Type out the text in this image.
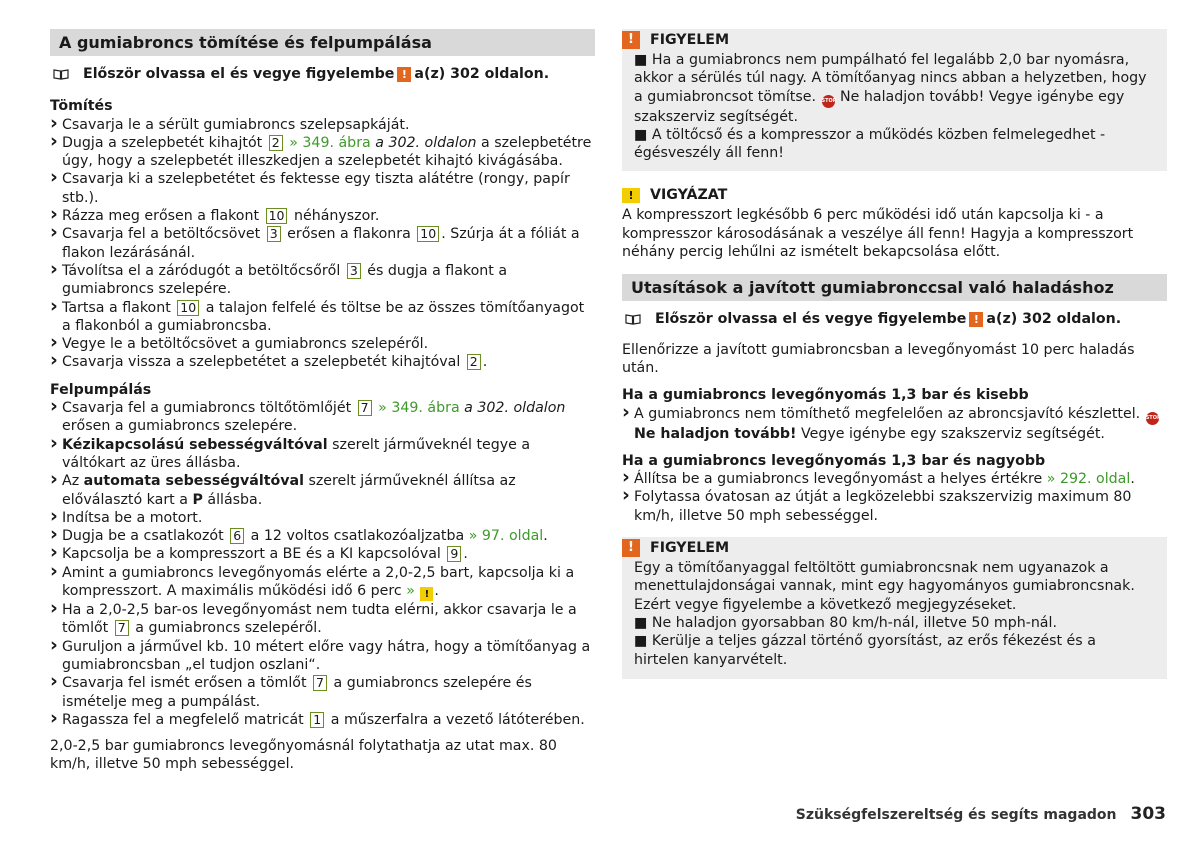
A gumiabroncs tömítése és felpumpálása
Először olvassa el és vegye figyelembe ! a(z) 302 oldalon.
Tömítés
› Csavarja le a sérült gumiabroncs szelepsapkáját.
› Dugja a szelepbetét kihajtót 2 » 349. ábra a 302. oldalon a szelepbetétre úgy, hogy a szelepbetét illeszkedjen a szelepbetét kihajtó kivágásába.
› Csavarja ki a szelepbetétet és fektesse egy tiszta alátétre (rongy, papír stb.).
› Rázza meg erősen a flakont 10 néhányszor.
› Csavarja fel a betöltőcsövet 3 erősen a flakonra 10 . Szúrja át a fóliát a flakon lezárásánál.
› Távolítsa el a záródugót a betöltőcsőről 3 és dugja a flakont a gumiabroncs szelepére.
› Tartsa a flakont 10 a talajon felfelé és töltse be az összes tömítőanyagot a flakonból a gumiabroncsba.
› Vegye le a betöltőcsövet a gumiabroncs szelepéről.
› Csavarja vissza a szelepbetétet a szelepbetét kihajtóval 2 .
Felpumpálás
› Csavarja fel a gumiabroncs töltőtömlőjét 7 » 349. ábra a 302. oldalon erősen a gumiabroncs szelepére.
› Kézikapcsolású sebességváltóval szerelt járműveknél tegye a váltókart az üres állásba.
› Az automata sebességváltóval szerelt járműveknél állítsa az előválasztó kart a P állásba.
› Indítsa be a motort.
› Dugja be a csatlakozót 6 a 12 voltos csatlakozóaljzatba » 97. oldal.
› Kapcsolja be a kompresszort a BE és a KI kapcsolóval 9 .
› Amint a gumiabroncs levegőnyomás elérte a 2,0-2,5 bart, kapcsolja ki a kompresszort. A maximális működési idő 6 perc » ! .
› Ha a 2,0-2,5 bar-os levegőnyomást nem tudta elérni, akkor csavarja le a tömlőt 7 a gumiabroncs szelepéről.
› Guruljon a járművel kb. 10 métert előre vagy hátra, hogy a tömítőanyag a gumiabroncsban „el tudjon oszlani“.
› Csavarja fel ismét erősen a tömlőt 7 a gumiabroncs szelepére és ismételje meg a pumpálást.
› Ragassza fel a megfelelő matricát 1 a műszerfalra a vezető látóterében.
2,0-2,5 bar gumiabroncs levegőnyomásnál folytathatja az utat max. 80 km/h, illetve 50 mph sebességgel.
!	FIGYELEM
■ Ha a gumiabroncs nem pumpálható fel legalább 2,0 bar nyomásra, akkor a sérülés túl nagy. A tömítőanyag nincs abban a helyzetben, hogy a gumiabroncsot tömítse. STOP Ne haladjon tovább! Vegye igénybe egy szakszerviz segítségét.
■ A töltőcső és a kompresszor a működés közben felmelegedhet - égésveszély áll fenn!
!	VIGYÁZAT
A kompresszort legkésőbb 6 perc működési idő után kapcsolja ki - a kompresszor károsodásának a veszélye áll fenn! Hagyja a kompresszort néhány percig lehűlni az ismételt bekapcsolása előtt.
Utasítások a javított gumiabronccsal való haladáshoz
Először olvassa el és vegye figyelembe ! a(z) 302 oldalon.
Ellenőrizze a javított gumiabroncsban a levegőnyomást 10 perc haladás után.
Ha a gumiabroncs levegőnyomás 1,3 bar és kisebb
› A gumiabroncs nem tömíthető megfelelően az abroncsjavító készlettel. STOP Ne haladjon tovább! Vegye igénybe egy szakszerviz segítségét.
Ha a gumiabroncs levegőnyomás 1,3 bar és nagyobb
› Állítsa be a gumiabroncs levegőnyomást a helyes értékre » 292. oldal.
› Folytassa óvatosan az útját a legközelebbi szakszervizig maximum 80 km/h, illetve 50 mph sebességgel.
!	FIGYELEM
Egy a tömítőanyaggal feltöltött gumiabroncsnak nem ugyanazok a menettulajdonságai vannak, mint egy hagyományos gumiabroncsnak. Ezért vegye figyelembe a következő megjegyzéseket.
■ Ne haladjon gyorsabban 80 km/h-nál, illetve 50 mph-nál.
■ Kerülje a teljes gázzal történő gyorsítást, az erős fékezést és a hirtelen kanyarvételt.
Szükségfelszereltség és segíts magadon 303
